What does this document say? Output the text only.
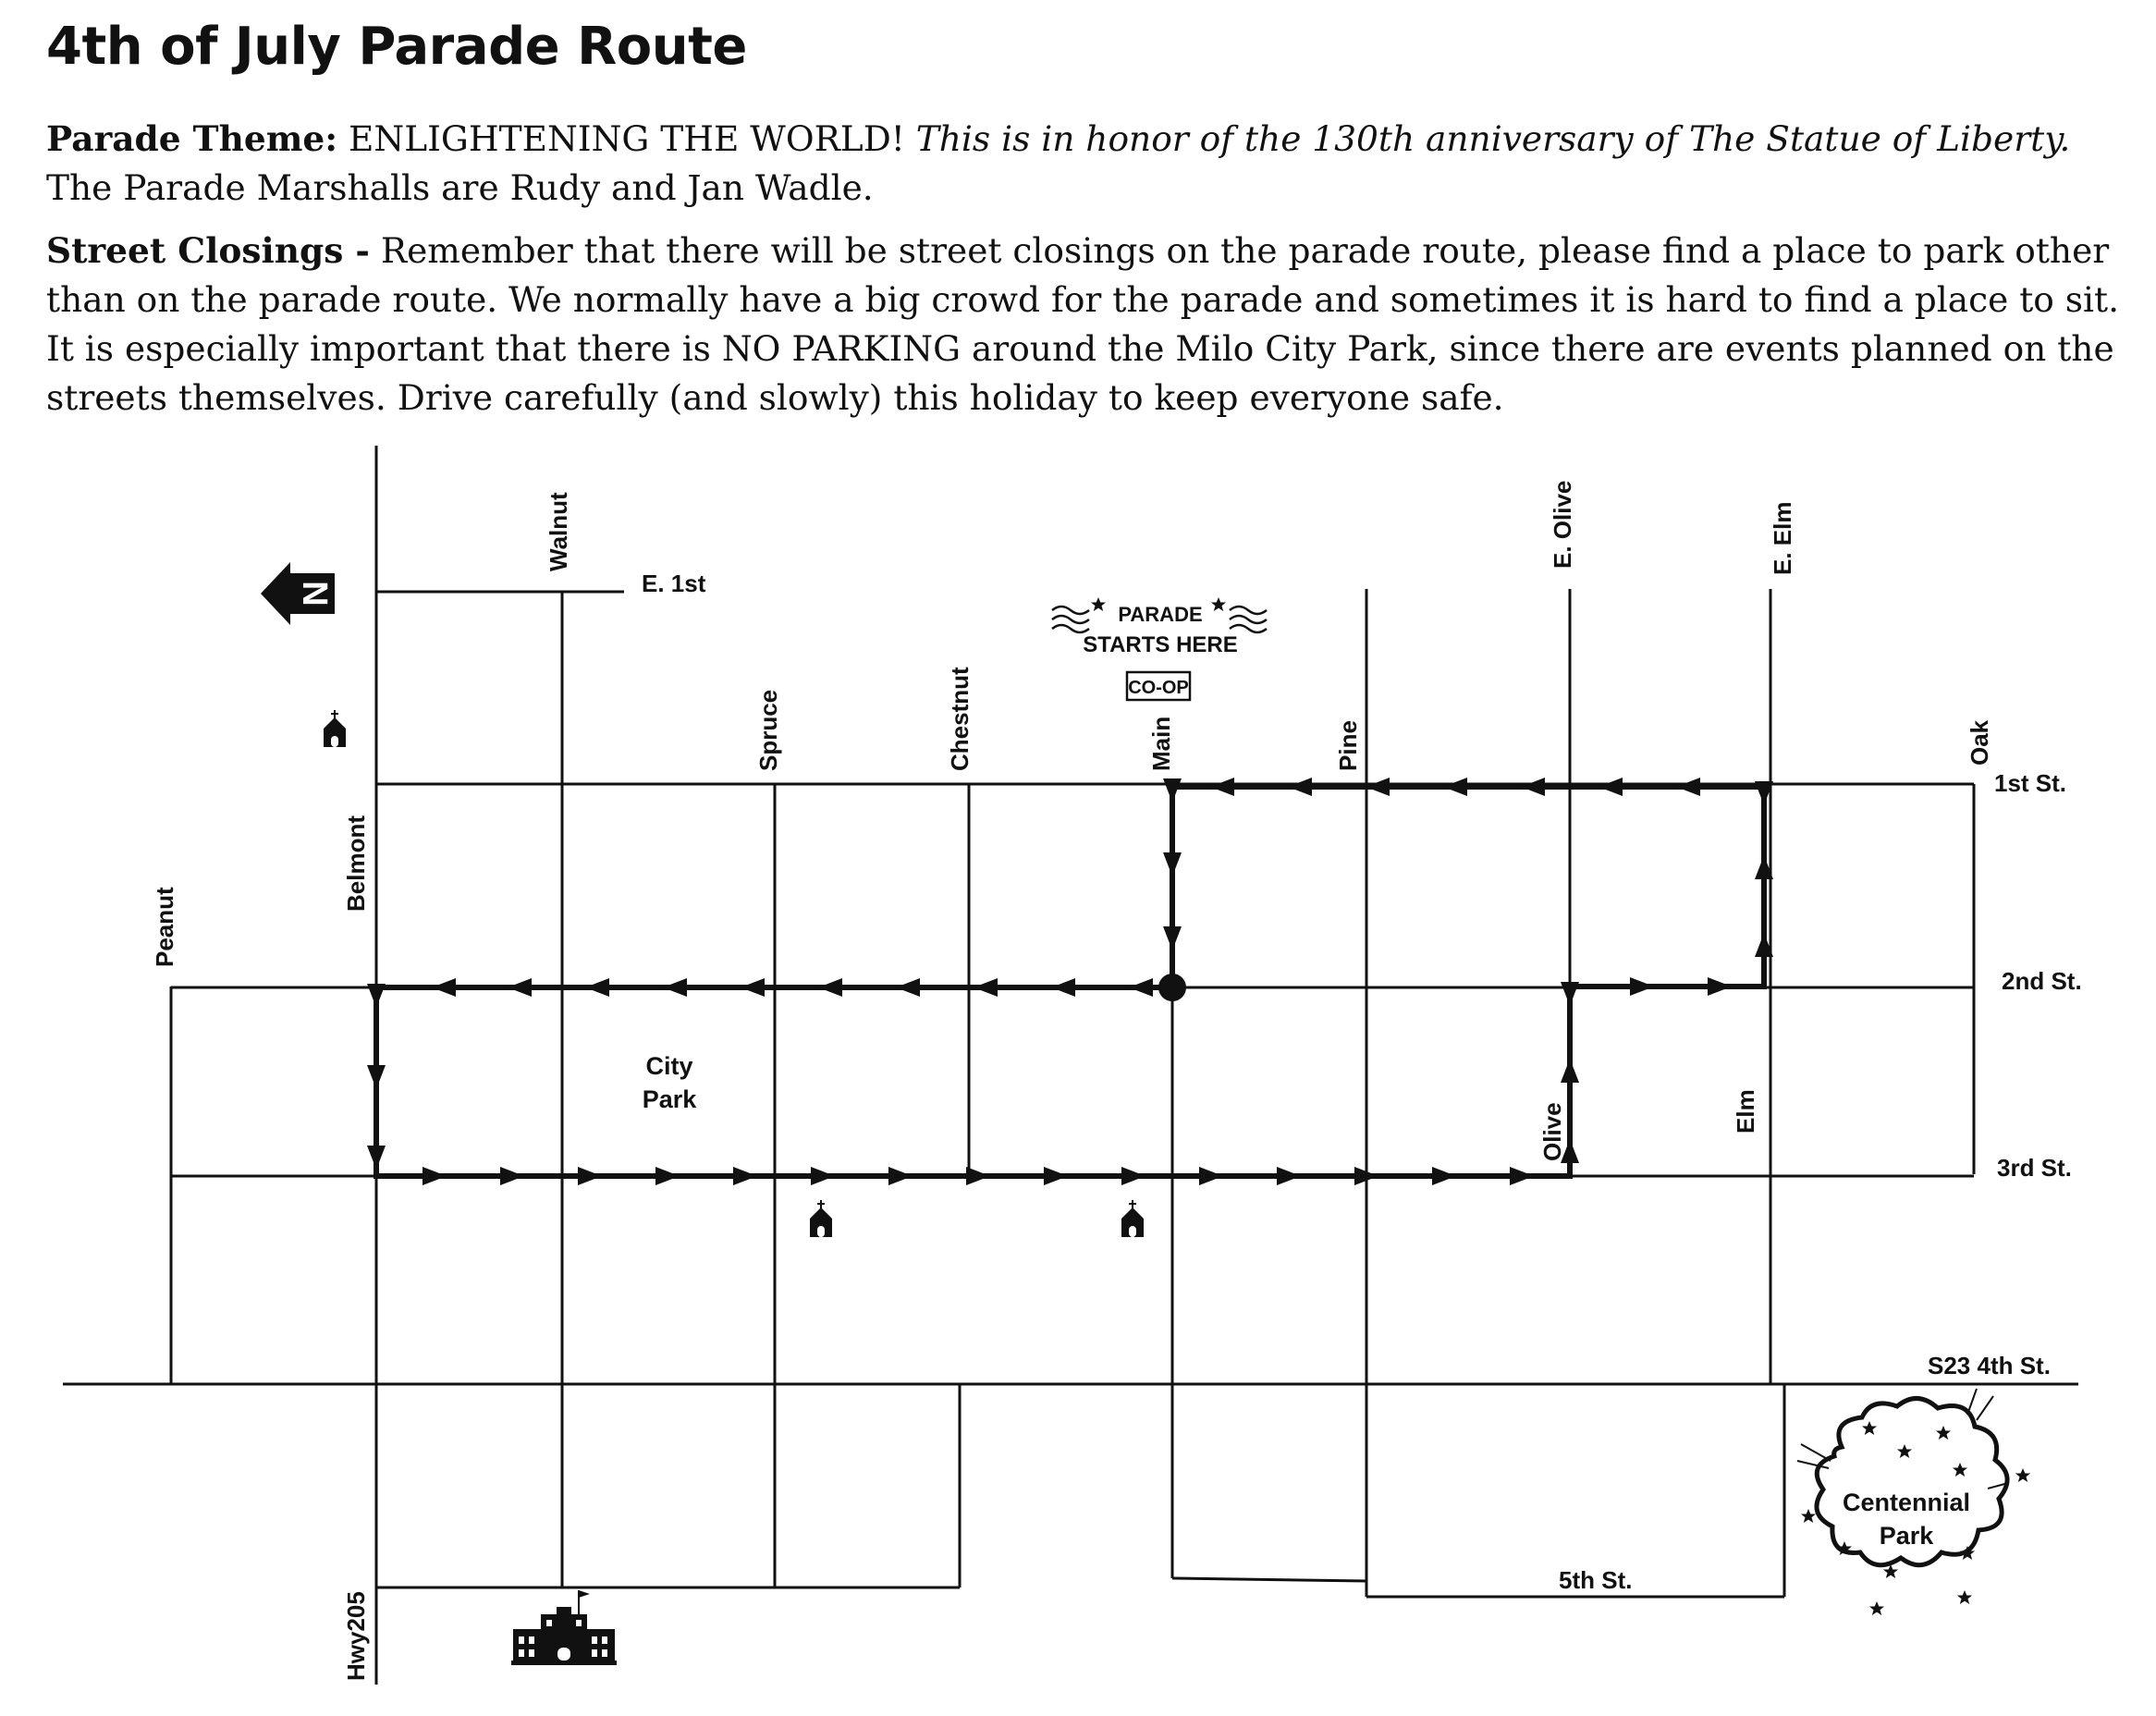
4th of July Parade Route

Parade Theme: ENLIGHTENING THE WORLD! This is in honor of the 130th anniversary of The Statue of Liberty. The Parade Marshalls are Rudy and Jan Wadle.

Street Closings - Remember that there will be street closings on the parade route, please find a place to park other than on the parade route. We normally have a big crowd for the parade and sometimes it is hard to find a place to sit. It is especially important that there is NO PARKING around the Milo City Park, since there are events planned on the streets themselves. Drive carefully (and slowly) this holiday to keep everyone safe.

N
PARADE
STARTS HERE
CO-OP
Centennial
Park
City
Park
E. 1st
1st St.
2nd St.
3rd St.
S23 4th St.
5th St.
Walnut	E. Olive	E. Elm
Spruce	Chestnut	Main	Pine	Oak
Belmont
Peanut
Olive	Elm
Hwy205
